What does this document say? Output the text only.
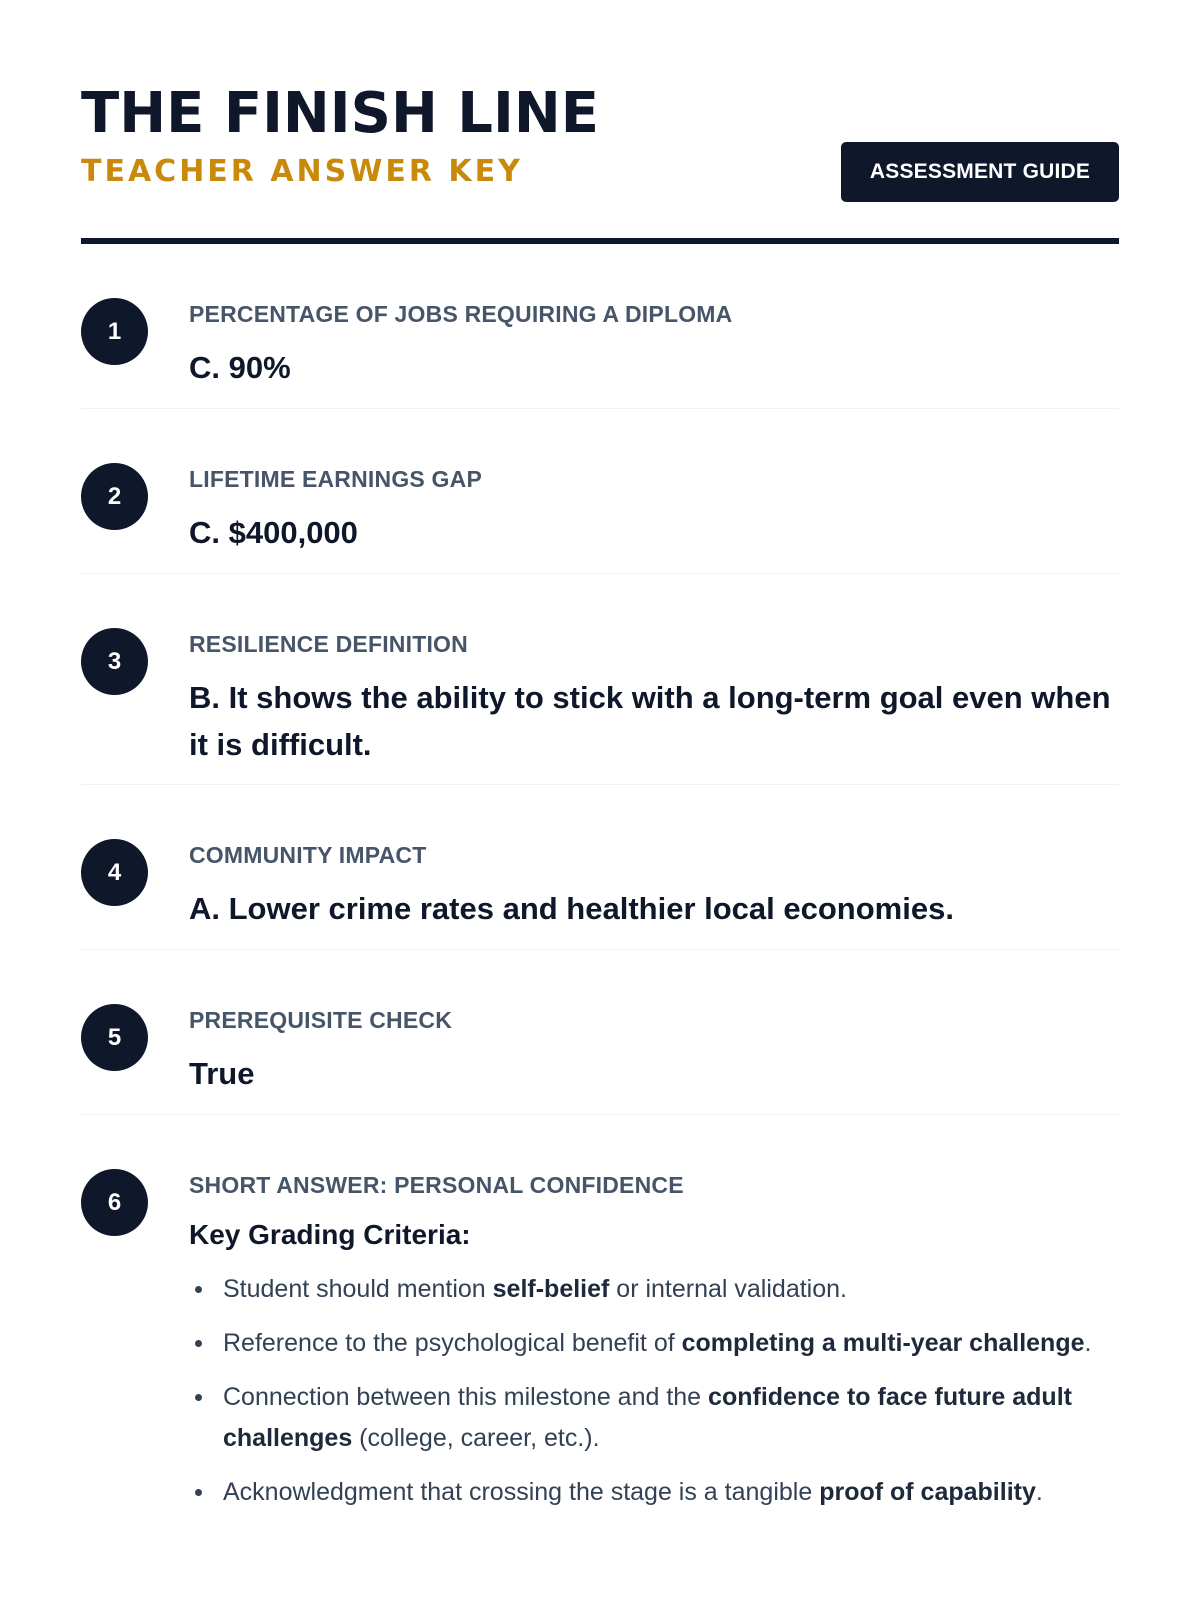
THE FINISH LINE
TEACHER ANSWER KEY	ASSESSMENT GUIDE
1
PERCENTAGE OF JOBS REQUIRING A DIPLOMA
C. 90%
2
LIFETIME EARNINGS GAP
C. $400,000
3
RESILIENCE DEFINITION
B. It shows the ability to stick with a long-term goal even when it is difficult.
4
COMMUNITY IMPACT
A. Lower crime rates and healthier local economies.
5
PREREQUISITE CHECK
True
6
SHORT ANSWER: PERSONAL CONFIDENCE
Key Grading Criteria:
Student should mention self-belief or internal validation.
Reference to the psychological benefit of completing a multi-year challenge.
Connection between this milestone and the confidence to face future adult challenges (college, career, etc.).
Acknowledgment that crossing the stage is a tangible proof of capability.
